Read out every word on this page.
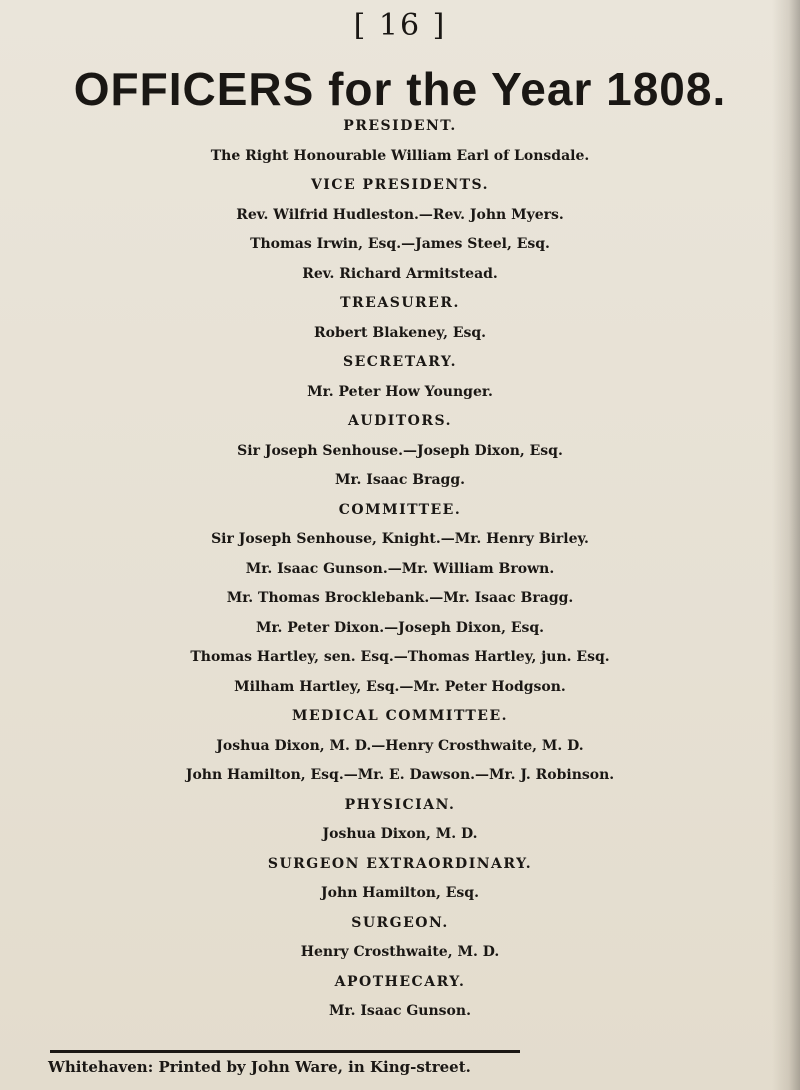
[ 16 ]
OFFICERS for the Year 1808.
PRESIDENT.
The Right Honourable William Earl of Lonsdale.
VICE PRESIDENTS.
Rev. Wilfrid Hudleston.—Rev. John Myers.
Thomas Irwin, Esq.—James Steel, Esq.
Rev. Richard Armitstead.
TREASURER.
Robert Blakeney, Esq.
SECRETARY.
Mr. Peter How Younger.
AUDITORS.
Sir Joseph Senhouse.—Joseph Dixon, Esq.
Mr. Isaac Bragg.
COMMITTEE.
Sir Joseph Senhouse, Knight.—Mr. Henry Birley.
Mr. Isaac Gunson.—Mr. William Brown.
Mr. Thomas Brocklebank.—Mr. Isaac Bragg.
Mr. Peter Dixon.—Joseph Dixon, Esq.
Thomas Hartley, sen. Esq.—Thomas Hartley, jun. Esq.
Milham Hartley, Esq.—Mr. Peter Hodgson.
MEDICAL COMMITTEE.
Joshua Dixon, M. D.—Henry Crosthwaite, M. D.
John Hamilton, Esq.—Mr. E. Dawson.—Mr. J. Robinson.
PHYSICIAN.
Joshua Dixon, M. D.
SURGEON EXTRAORDINARY.
John Hamilton, Esq.
SURGEON.
Henry Crosthwaite, M. D.
APOTHECARY.
Mr. Isaac Gunson.
Whitehaven: Printed by John Ware, in King-street.
